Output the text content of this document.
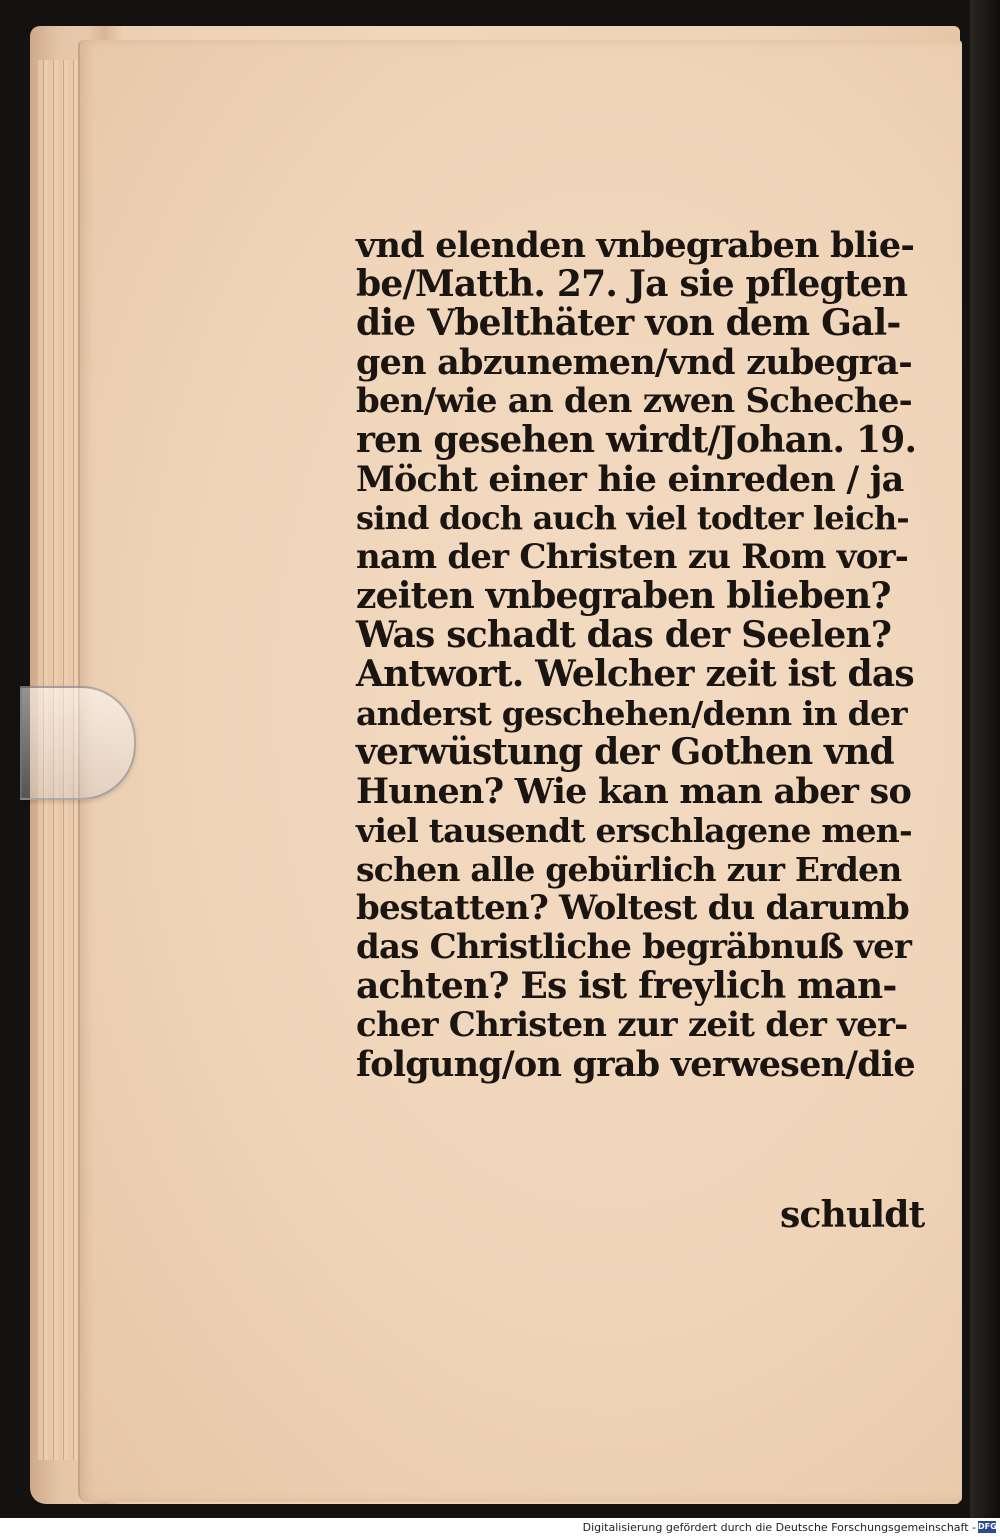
vnd elenden vnbegraben blie-
be/Matth. 27. Ja sie pflegten
die Vbelthäter von dem Gal-
gen abzunemen/vnd zubegra-
ben/wie an den zwen Scheche-
ren gesehen wirdt/Johan. 19.
Möcht einer hie einreden / ja
sind doch auch viel todter leich-
nam der Christen zu Rom vor-
zeiten vnbegraben blieben?
Was schadt das der Seelen?
Antwort. Welcher zeit ist das
anderst geschehen/denn in der
verwüstung der Gothen vnd
Hunen? Wie kan man aber so
viel tausendt erschlagene men-
schen alle gebürlich zur Erden
bestatten? Woltest du darumb
das Christliche begräbnuß ver
achten? Es ist freylich man-
cher Christen zur zeit der ver-
folgung/on grab verwesen/die
schuldt
Digitalisierung gefördert durch die Deutsche Forschungsgemeinschaft - DFG
